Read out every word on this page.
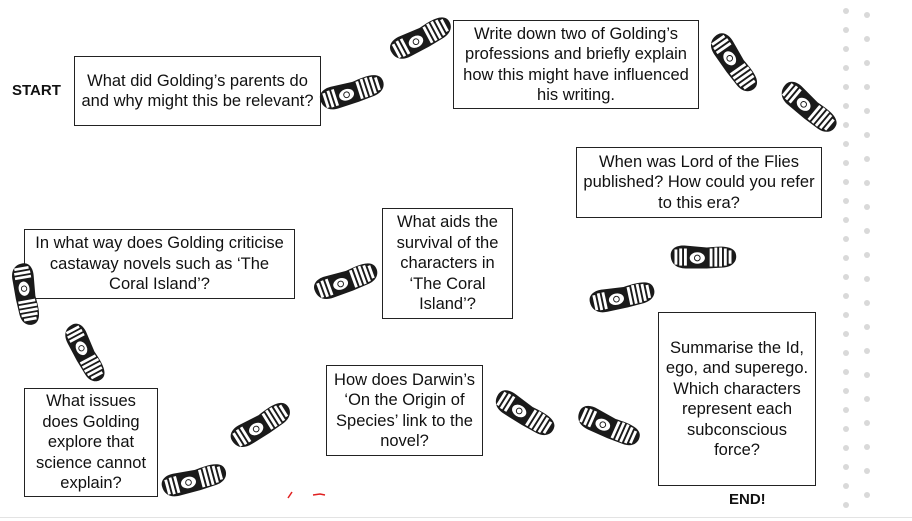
START
END!
What did Golding’s parents do and why might this be relevant?
Write down two of Golding’s professions and briefly explain how this might have influenced his writing.
When was Lord of the Flies published? How could you refer to this era?
What aids the survival of the characters in ‘The Coral Island’?
In what way does Golding criticise castaway novels such as ‘The Coral Island’?
Summarise the Id, ego, and superego. Which characters represent each subconscious force?
How does Darwin’s ‘On the Origin of Species’ link to the novel?
What issues does Golding explore that science cannot explain?
